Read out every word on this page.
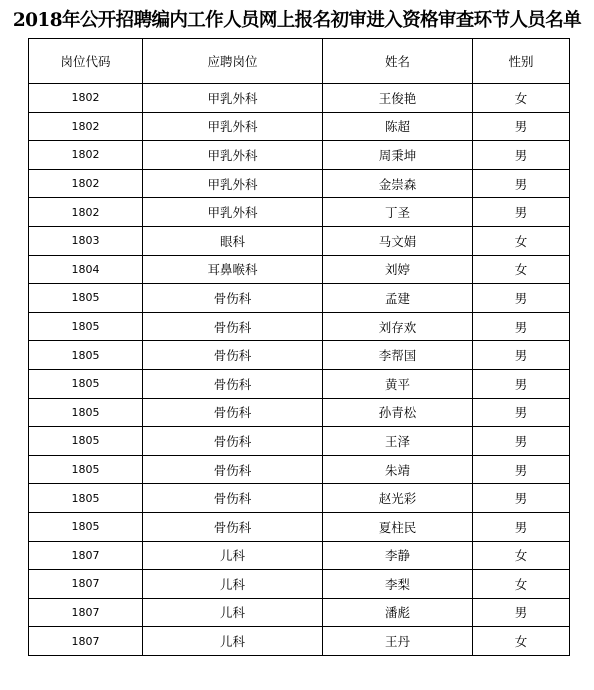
2018年公开招聘编内工作人员网上报名初审进入资格审查环节人员名单
岗位代码	应聘岗位	姓名	性别
1802	甲乳外科	王俊艳	女
1802	甲乳外科	陈超	男
1802	甲乳外科	周秉坤	男
1802	甲乳外科	金崇森	男
1802	甲乳外科	丁圣	男
1803	眼科	马文娟	女
1804	耳鼻喉科	刘婷	女
1805	骨伤科	孟建	男
1805	骨伤科	刘存欢	男
1805	骨伤科	李帮国	男
1805	骨伤科	黄平	男
1805	骨伤科	孙青松	男
1805	骨伤科	王泽	男
1805	骨伤科	朱靖	男
1805	骨伤科	赵光彩	男
1805	骨伤科	夏柱民	男
1807	儿科	李静	女
1807	儿科	李梨	女
1807	儿科	潘彪	男
1807	儿科	王丹	女
